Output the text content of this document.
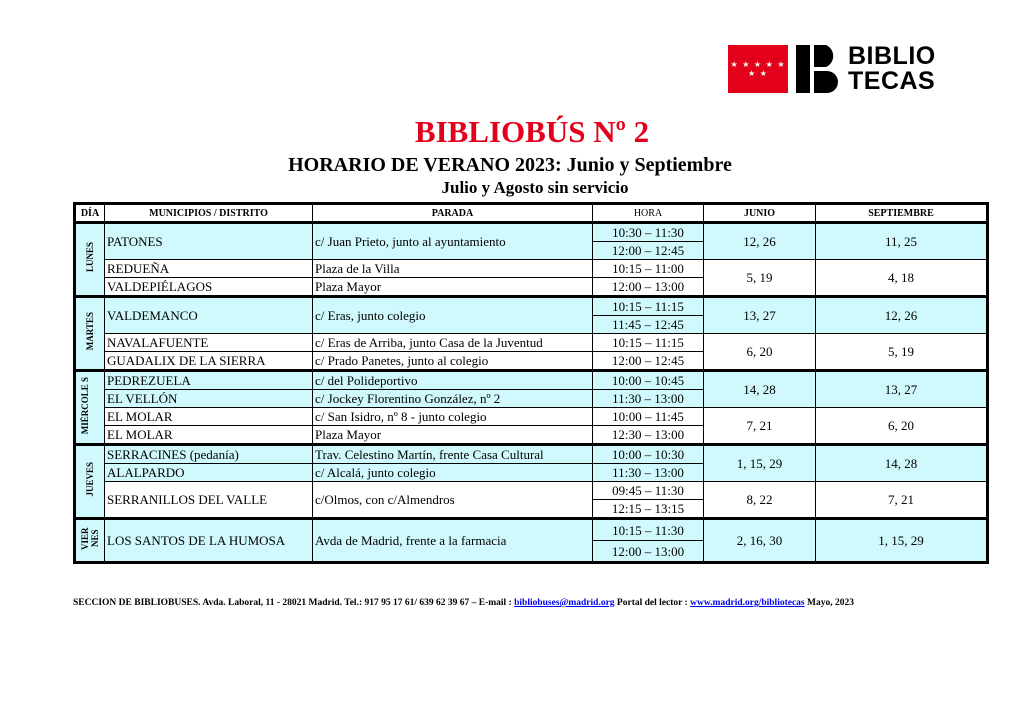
★ ★ ★ ★ ★ ★ ★
BIBLIO
TECAS
BIBLIOBÚS Nº 2
HORARIO DE VERANO 2023: Junio y Septiembre
Julio y Agosto sin servicio
DÍA	MUNICIPIOS / DISTRITO	PARADA	HORA	JUNIO	SEPTIEMBRE
LUNES	PATONES	c/ Juan Prieto, junto al ayuntamiento	10:30 – 11:30	12, 26	11, 25
			12:00 – 12:45		
	REDUEÑA	Plaza de la Villa	10:15 – 11:00	5, 19	4, 18
	VALDEPIÉLAGOS	Plaza Mayor	12:00 – 13:00		
MARTES	VALDEMANCO	c/ Eras, junto colegio	10:15 – 11:15	13, 27	12, 26
			11:45 – 12:45		
	NAVALAFUENTE	c/ Eras de Arriba, junto Casa de la Juventud	10:15 – 11:15	6, 20	5, 19
	GUADALIX DE LA SIERRA	c/ Prado Panetes, junto al colegio	12:00 – 12:45		
MIÉRCOLE S	PEDREZUELA	c/ del Polideportivo	10:00 – 10:45	14, 28	13, 27
	EL VELLÓN	c/ Jockey Florentino González, nº 2	11:30 – 13:00		
	EL MOLAR	c/ San Isidro, nº 8 - junto colegio	10:00 – 11:45	7, 21	6, 20
	EL MOLAR	Plaza Mayor	12:30 – 13:00		
JUEVES	SERRACINES (pedanía)	Trav. Celestino Martín, frente Casa Cultural	10:00 – 10:30	1, 15, 29	14, 28
	ALALPARDO	c/ Alcalá, junto colegio	11:30 – 13:00		
	SERRANILLOS DEL VALLE	c/Olmos, con c/Almendros	09:45 – 11:30	8, 22	7, 21
			12:15 – 13:15		
VIER NES	LOS SANTOS DE LA HUMOSA	Avda de Madrid, frente a la farmacia	10:15 – 11:30	2, 16, 30	1, 15, 29
			12:00 – 13:00		
SECCION DE BIBLIOBUSES. Avda. Laboral, 11 - 28021 Madrid. Tel.: 917 95 17 61/ 639 62 39 67 – E-mail : bibliobuses@madrid.org Portal del lector : www.madrid.org/bibliotecas Mayo, 2023
